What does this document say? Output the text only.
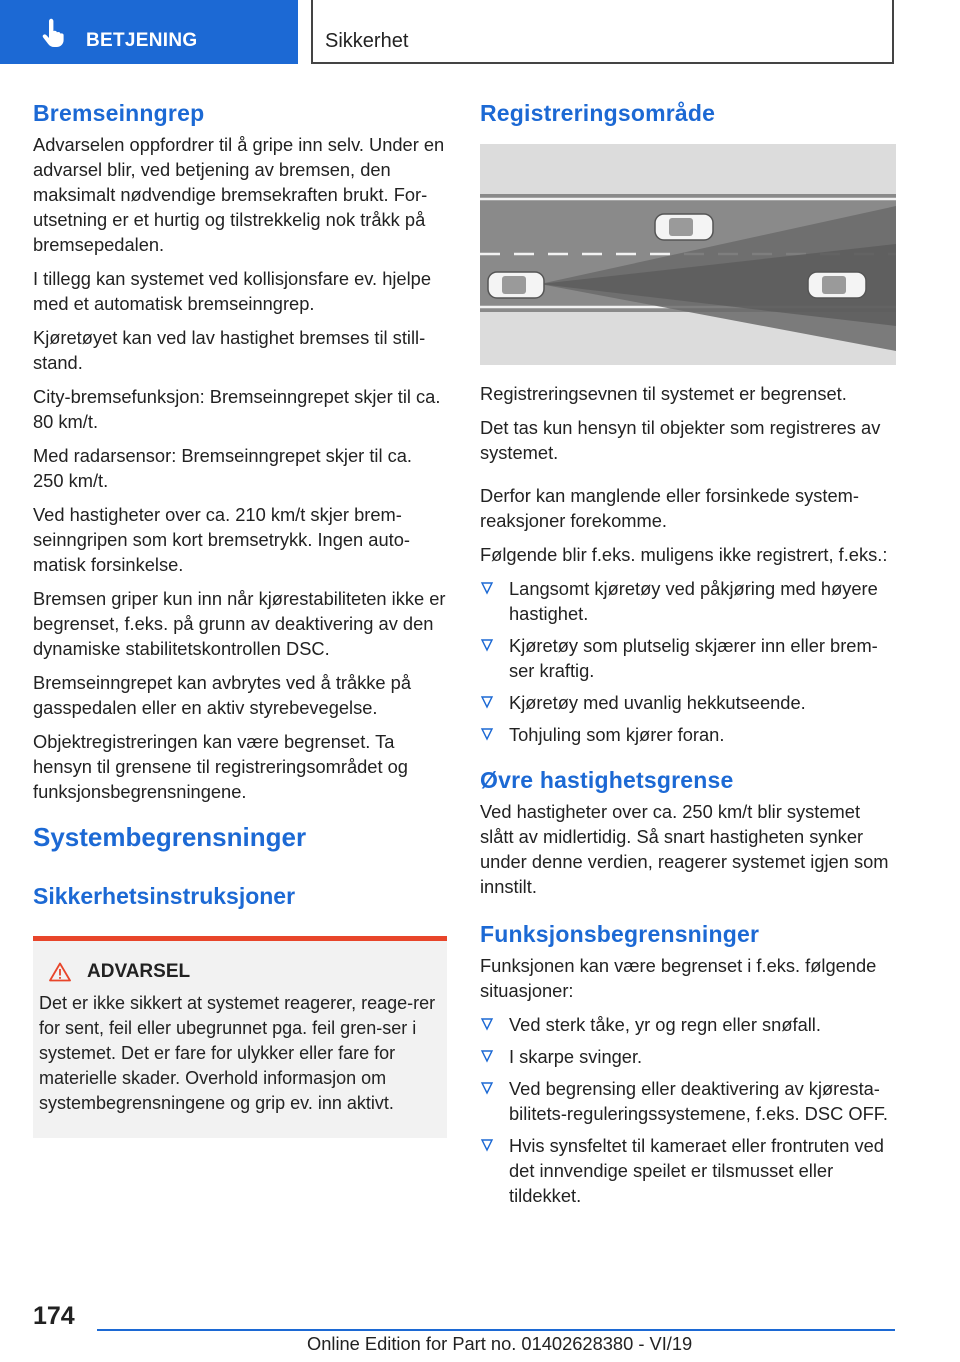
BETJENING	Sikkerhet
Bremseinngrep

Advarselen oppfordrer til å gripe inn selv. Under en advarsel blir, ved betjening av bremsen, den maksimalt nødvendige bremsekraften brukt. For-utsetning er et hurtig og tilstrekkelig nok tråkk på bremsepedalen.

I tillegg kan systemet ved kollisjonsfare ev. hjelpe med et automatisk bremseinngrep.

Kjøretøyet kan ved lav hastighet bremses til still-stand.

City-bremsefunksjon: Bremseinngrepet skjer til ca. 80 km/t.

Med radarsensor: Bremseinngrepet skjer til ca. 250 km/t.

Ved hastigheter over ca. 210 km/t skjer brem-seinngripen som kort bremsetrykk. Ingen auto-matisk forsinkelse.

Bremsen griper kun inn når kjørestabiliteten ikke er begrenset, f.eks. på grunn av deaktivering av den dynamiske stabilitetskontrollen DSC.

Bremseinngrepet kan avbrytes ved å tråkke på gasspedalen eller en aktiv styrebevegelse.

Objektregistreringen kan være begrenset. Ta hensyn til grensene til registreringsområdet og funksjonsbegrensningene.

Systembegrensninger
Sikkerhetsinstruksjoner
ADVARSEL

Det er ikke sikkert at systemet reagerer, reage-rer for sent, feil eller ubegrunnet pga. feil gren-ser i systemet. Det er fare for ulykker eller fare for materielle skader. Overhold informasjon om systembegrensningene og grip ev. inn aktivt.

Registreringsområde

Registreringsevnen til systemet er begrenset.

Det tas kun hensyn til objekter som registreres av systemet.

Derfor kan manglende eller forsinkede system-reaksjoner forekomme.

Følgende blir f.eks. muligens ikke registrert, f.eks.:

Langsomt kjøretøy ved påkjøring med høyere hastighet.
Kjøretøy som plutselig skjærer inn eller brem-ser kraftig.
Kjøretøy med uvanlig hekkutseende.
Tohjuling som kjører foran.
Øvre hastighetsgrense

Ved hastigheter over ca. 250 km/t blir systemet slått av midlertidig. Så snart hastigheten synker under denne verdien, reagerer systemet igjen som innstilt.

Funksjonsbegrensninger

Funksjonen kan være begrenset i f.eks. følgende situasjoner:

Ved sterk tåke, yr og regn eller snøfall.
I skarpe svinger.
Ved begrensing eller deaktivering av kjøresta-bilitets-reguleringssystemene, f.eks. DSC OFF.
Hvis synsfeltet til kameraet eller frontruten ved det innvendige speilet er tilsmusset eller tildekket.
174
Online Edition for Part no. 01402628380 - VI/19
